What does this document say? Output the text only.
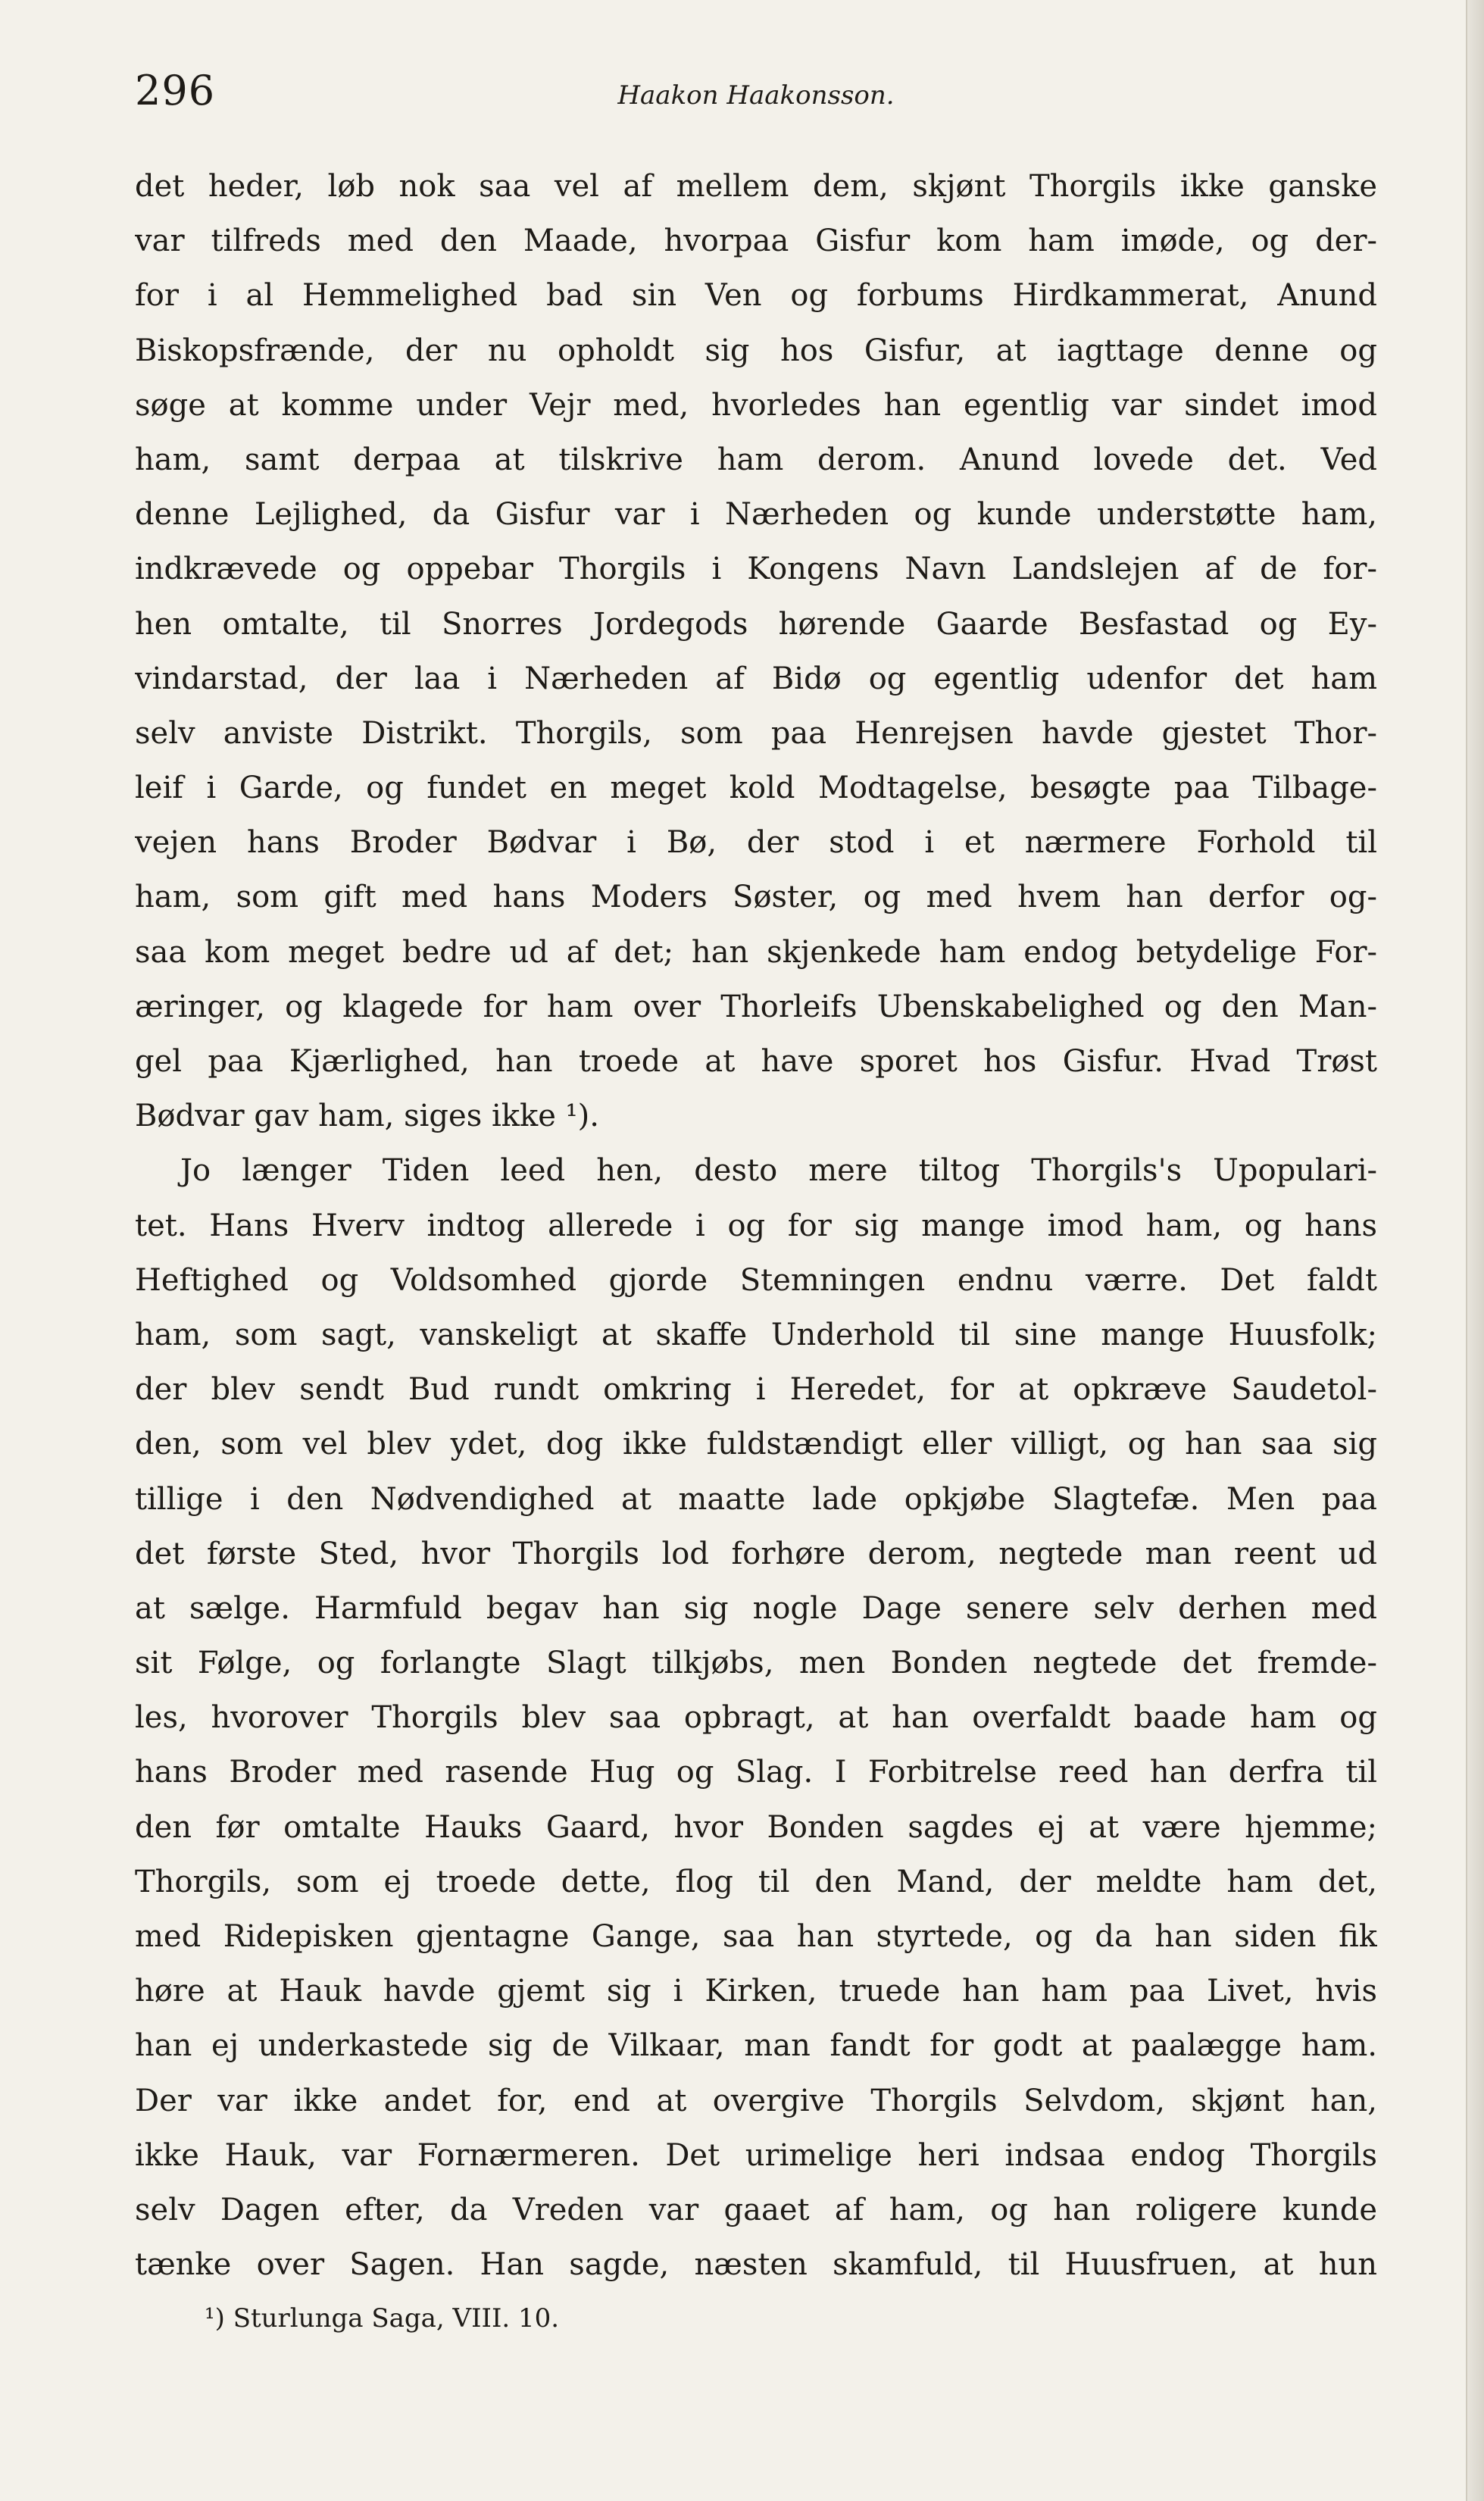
296	Haakon Haakonsson.
det heder, løb nok saa vel af mellem dem, skjønt Thorgils ikke ganske
var tilfreds med den Maade, hvorpaa Gisfur kom ham imøde, og der-
for i al Hemmelighed bad sin Ven og forbums Hirdkammerat, Anund
Biskopsfrænde, der nu opholdt sig hos Gisfur, at iagttage denne og
søge at komme under Vejr med, hvorledes han egentlig var sindet imod
ham, samt derpaa at tilskrive ham derom. Anund lovede det. Ved
denne Lejlighed, da Gisfur var i Nærheden og kunde understøtte ham,
indkrævede og oppebar Thorgils i Kongens Navn Landslejen af de for-
hen omtalte, til Snorres Jordegods hørende Gaarde Besfastad og Ey-
vindarstad, der laa i Nærheden af Bidø og egentlig udenfor det ham
selv anviste Distrikt. Thorgils, som paa Henrejsen havde gjestet Thor-
leif i Garde, og fundet en meget kold Modtagelse, besøgte paa Tilbage-
vejen hans Broder Bødvar i Bø, der stod i et nærmere Forhold til
ham, som gift med hans Moders Søster, og med hvem han derfor og-
saa kom meget bedre ud af det; han skjenkede ham endog betydelige For-
æringer, og klagede for ham over Thorleifs Ubenskabelighed og den Man-
gel paa Kjærlighed, han troede at have sporet hos Gisfur. Hvad Trøst
Bødvar gav ham, siges ikke ¹).
Jo længer Tiden leed hen, desto mere tiltog Thorgils's Upopulari-
tet. Hans Hverv indtog allerede i og for sig mange imod ham, og hans
Heftighed og Voldsomhed gjorde Stemningen endnu værre. Det faldt
ham, som sagt, vanskeligt at skaffe Underhold til sine mange Huusfolk;
der blev sendt Bud rundt omkring i Heredet, for at opkræve Saudetol-
den, som vel blev ydet, dog ikke fuldstændigt eller villigt, og han saa sig
tillige i den Nødvendighed at maatte lade opkjøbe Slagtefæ. Men paa
det første Sted, hvor Thorgils lod forhøre derom, negtede man reent ud
at sælge. Harmfuld begav han sig nogle Dage senere selv derhen med
sit Følge, og forlangte Slagt tilkjøbs, men Bonden negtede det fremde-
les, hvorover Thorgils blev saa opbragt, at han overfaldt baade ham og
hans Broder med rasende Hug og Slag. I Forbitrelse reed han derfra til
den før omtalte Hauks Gaard, hvor Bonden sagdes ej at være hjemme;
Thorgils, som ej troede dette, flog til den Mand, der meldte ham det,
med Ridepisken gjentagne Gange, saa han styrtede, og da han siden fik
høre at Hauk havde gjemt sig i Kirken, truede han ham paa Livet, hvis
han ej underkastede sig de Vilkaar, man fandt for godt at paalægge ham.
Der var ikke andet for, end at overgive Thorgils Selvdom, skjønt han,
ikke Hauk, var Fornærmeren. Det urimelige heri indsaa endog Thorgils
selv Dagen efter, da Vreden var gaaet af ham, og han roligere kunde
tænke over Sagen. Han sagde, næsten skamfuld, til Huusfruen, at hun
¹) Sturlunga Saga, VIII. 10.
